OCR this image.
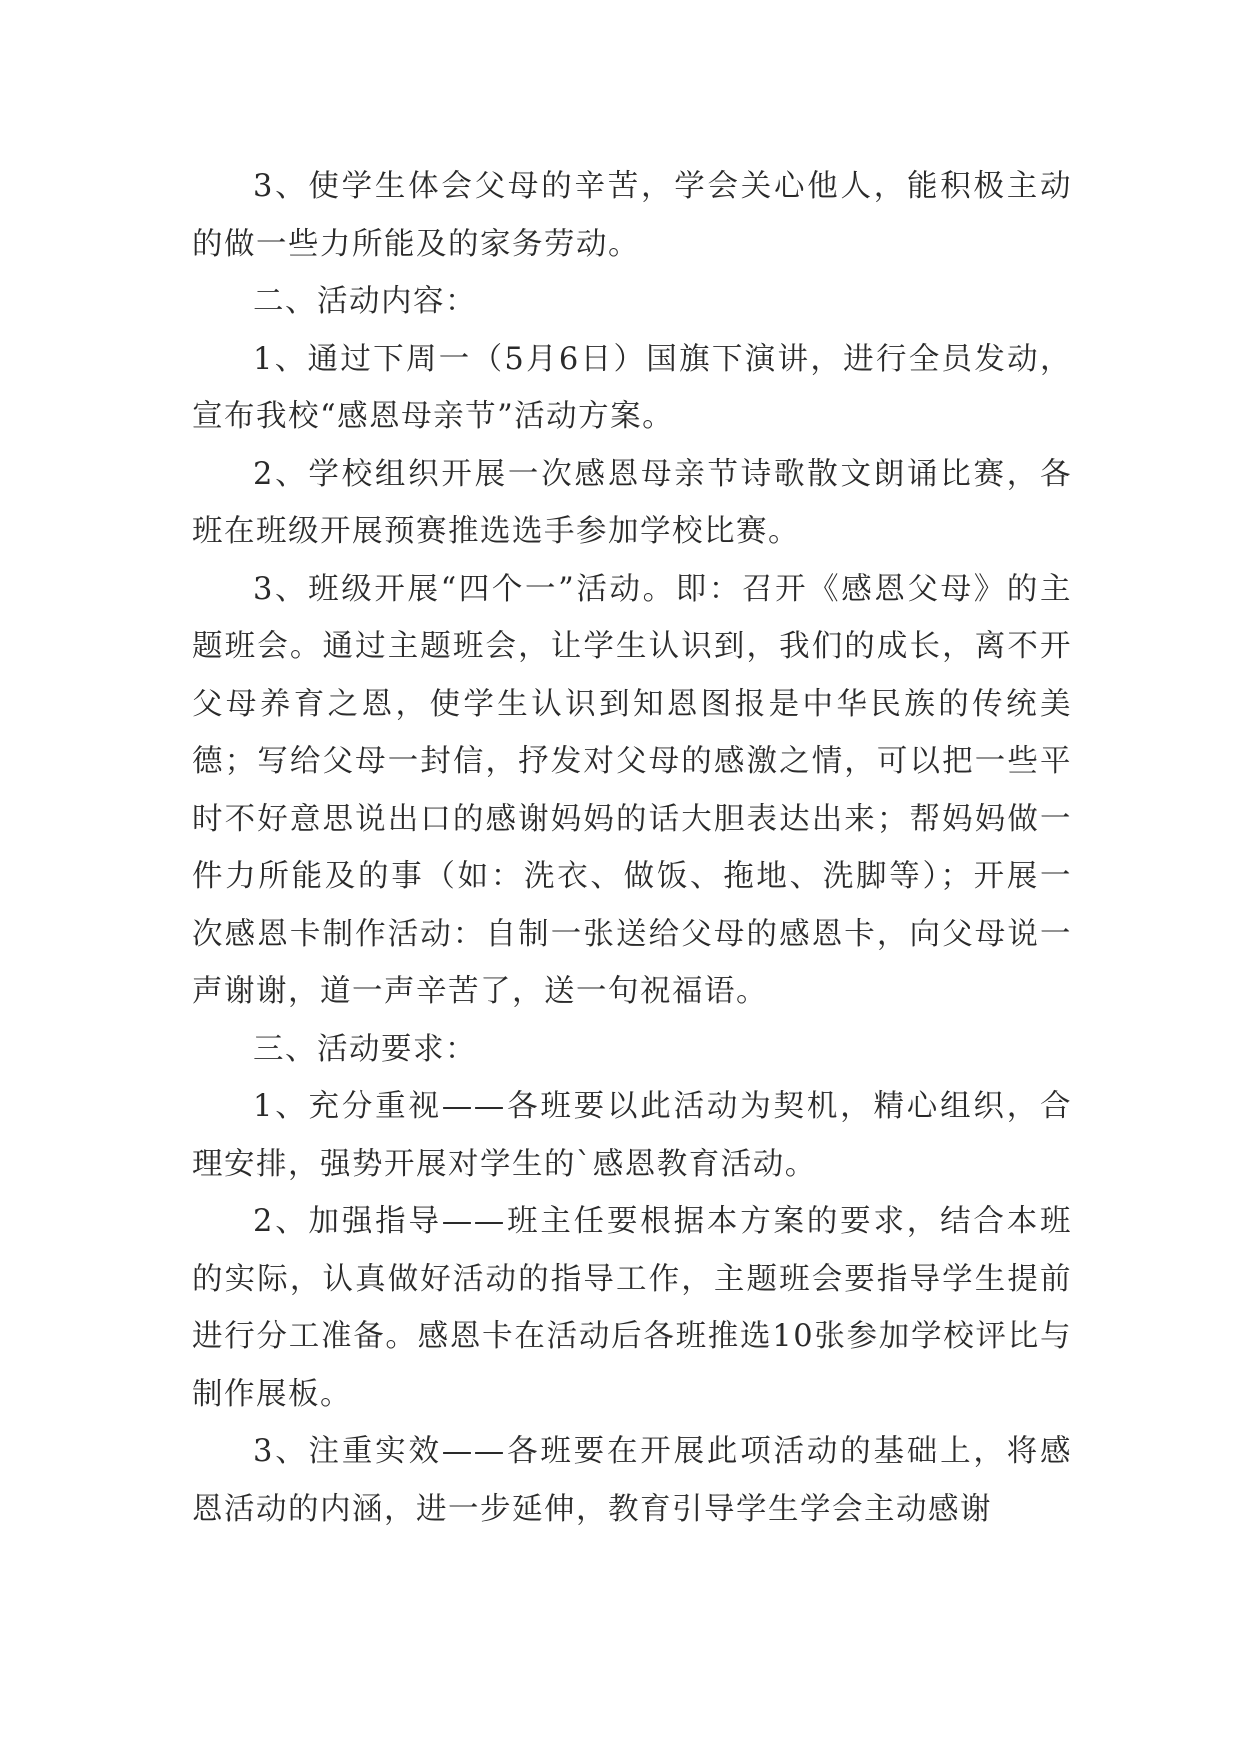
3、使学生体会父母的辛苦，学会关心他人，能积极主动的做一些力所能及的家务劳动。

二、活动内容：

1、通过下周一（5月6日）国旗下演讲，进行全员发动，宣布我校“感恩母亲节”活动方案。

2、学校组织开展一次感恩母亲节诗歌散文朗诵比赛，各班在班级开展预赛推选选手参加学校比赛。

3、班级开展“四个一”活动。即：召开《感恩父母》的主题班会。通过主题班会，让学生认识到，我们的成长，离不开父母养育之恩，使学生认识到知恩图报是中华民族的传统美德；写给父母一封信，抒发对父母的感激之情，可以把一些平时不好意思说出口的感谢妈妈的话大胆表达出来；帮妈妈做一件力所能及的事（如：洗衣、做饭、拖地、洗脚等）；开展一次感恩卡制作活动：自制一张送给父母的感恩卡，向父母说一声谢谢，道一声辛苦了，送一句祝福语。

三、活动要求：

1、充分重视——各班要以此活动为契机，精心组织，合理安排，强势开展对学生的`感恩教育活动。

2、加强指导——班主任要根据本方案的要求，结合本班的实际，认真做好活动的指导工作，主题班会要指导学生提前进行分工准备。感恩卡在活动后各班推选10张参加学校评比与制作展板。

3、注重实效——各班要在开展此项活动的基础上，将感恩活动的内涵，进一步延伸，教育引导学生学会主动感谢
